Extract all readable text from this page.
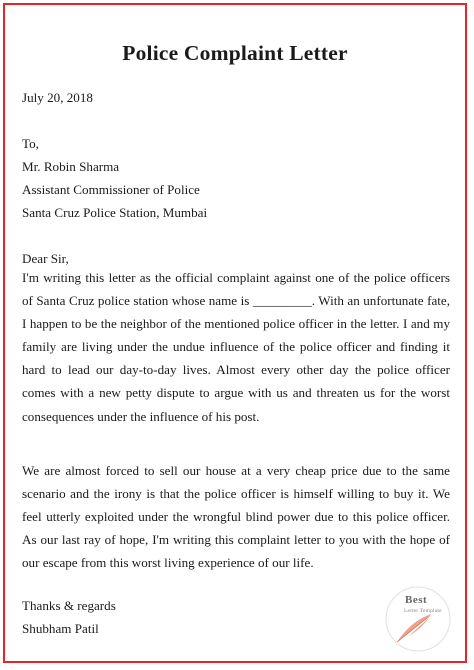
Police Complaint Letter
July 20, 2018
To,
Mr. Robin Sharma
Assistant Commissioner of Police
Santa Cruz Police Station, Mumbai
Dear Sir,
I'm writing this letter as the official complaint against one of the police officers of Santa Cruz police station whose name is _________. With an unfortunate fate, I happen to be the neighbor of the mentioned police officer in the letter. I and my family are living under the undue influence of the police officer and finding it hard to lead our day-to-day lives. Almost every other day the police officer comes with a new petty dispute to argue with us and threaten us for the worst consequences under the influence of his post.
We are almost forced to sell our house at a very cheap price due to the same scenario and the irony is that the police officer is himself willing to buy it. We feel utterly exploited under the wrongful blind power due to this police officer. As our last ray of hope, I'm writing this complaint letter to you with the hope of our escape from this worst living experience of our life.
Thanks & regards
Shubham Patil
Best
Letter Template
